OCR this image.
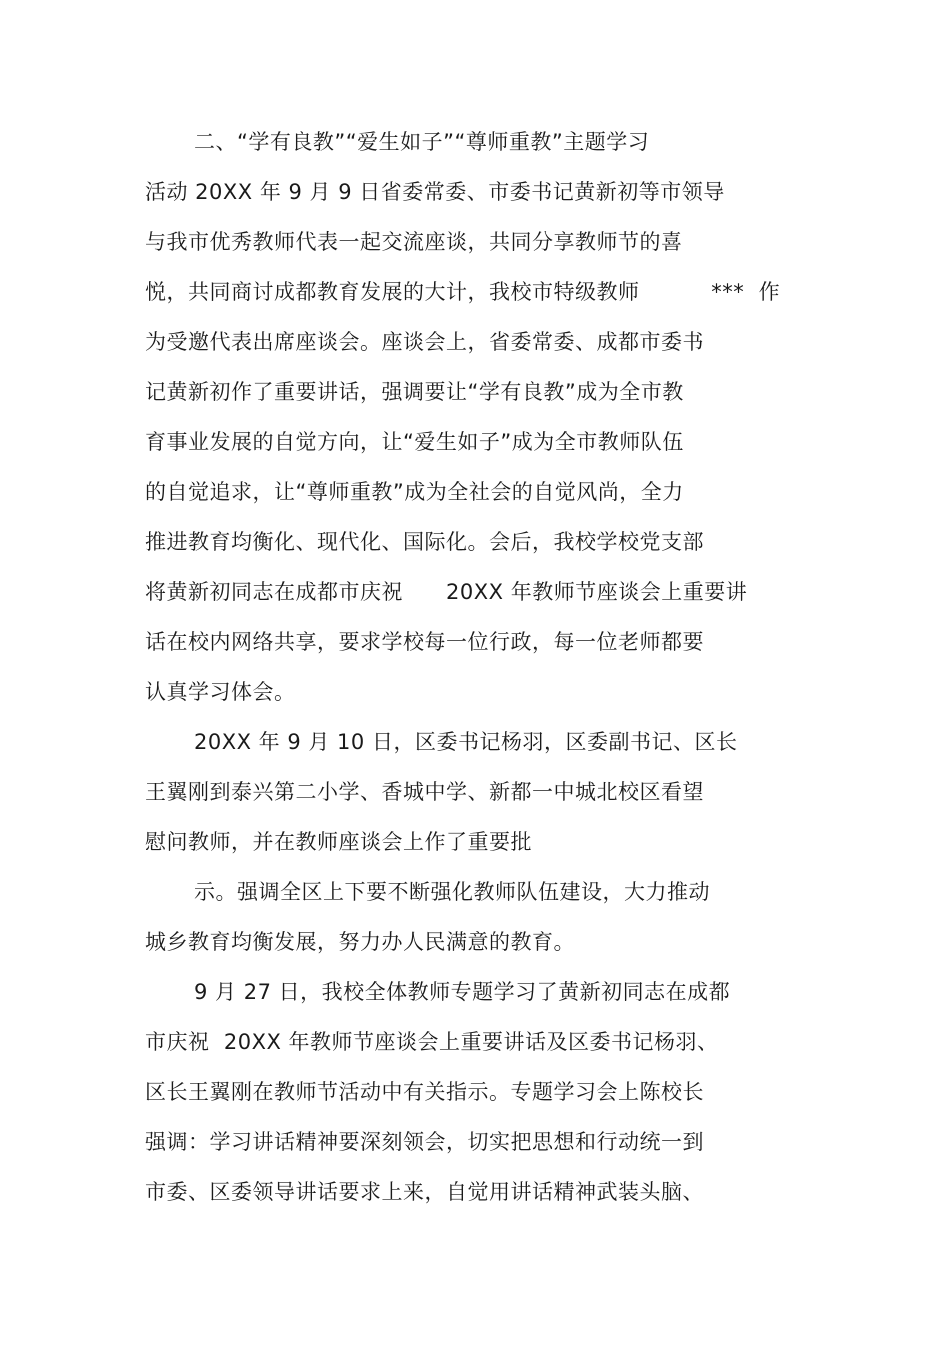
二、“学有良教”“爱生如子”“尊师重教”主题学习
活动 20XX 年 9 月 9 日省委常委、市委书记黄新初等市领导
与我市优秀教师代表一起交流座谈，共同分享教师节的喜
悦，共同商讨成都教育发展的大计，我校市特级教师          ***  作
为受邀代表出席座谈会。座谈会上，省委常委、成都市委书
记黄新初作了重要讲话，强调要让“学有良教”成为全市教
育事业发展的自觉方向，让“爱生如子”成为全市教师队伍
的自觉追求，让“尊师重教”成为全社会的自觉风尚，全力
推进教育均衡化、现代化、国际化。会后，我校学校党支部
将黄新初同志在成都市庆祝      20XX 年教师节座谈会上重要讲
话在校内网络共享，要求学校每一位行政，每一位老师都要
认真学习体会。
20XX 年 9 月 10 日，区委书记杨羽，区委副书记、区长
王翼刚到泰兴第二小学、香城中学、新都一中城北校区看望
慰问教师，并在教师座谈会上作了重要批
示。强调全区上下要不断强化教师队伍建设，大力推动
城乡教育均衡发展，努力办人民满意的教育。
9 月 27 日，我校全体教师专题学习了黄新初同志在成都
市庆祝  20XX 年教师节座谈会上重要讲话及区委书记杨羽、
区长王翼刚在教师节活动中有关指示。专题学习会上陈校长
强调：学习讲话精神要深刻领会，切实把思想和行动统一到
市委、区委领导讲话要求上来，自觉用讲话精神武装头脑、
